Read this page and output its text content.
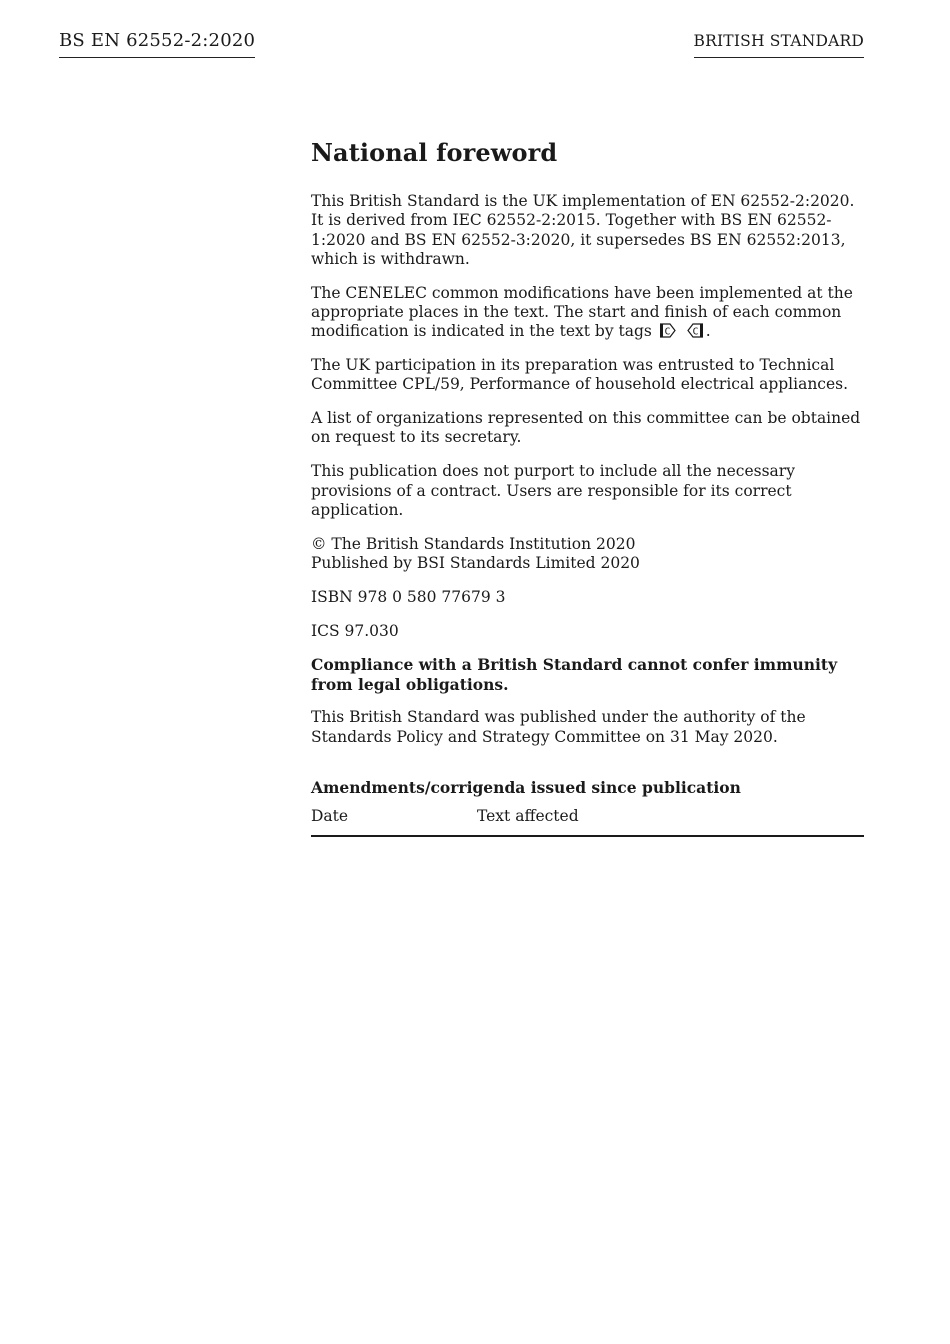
BS EN 62552-2:2020	BRITISH STANDARD
National foreword

This British Standard is the UK implementation of EN 62552-2:2020. It is derived from IEC 62552-2:2015. Together with BS EN 62552-1:2020 and BS EN 62552-3:2020, it supersedes BS EN 62552:2013, which is withdrawn.

The CENELEC common modifications have been implemented at the appropriate places in the text. The start and finish of each common modification is indicated in the text by tags C
C .

The UK participation in its preparation was entrusted to Technical Committee CPL/59, Performance of household electrical appliances.

A list of organizations represented on this committee can be obtained on request to its secretary.

This publication does not purport to include all the necessary provisions of a contract. Users are responsible for its correct application.

© The British Standards Institution 2020
Published by BSI Standards Limited 2020

ISBN 978 0 580 77679 3

ICS 97.030

Compliance with a British Standard cannot confer immunity from legal obligations.

This British Standard was published under the authority of the Standards Policy and Strategy Committee on 31 May 2020.

Amendments/corrigenda issued since publication
Date	Text affected
